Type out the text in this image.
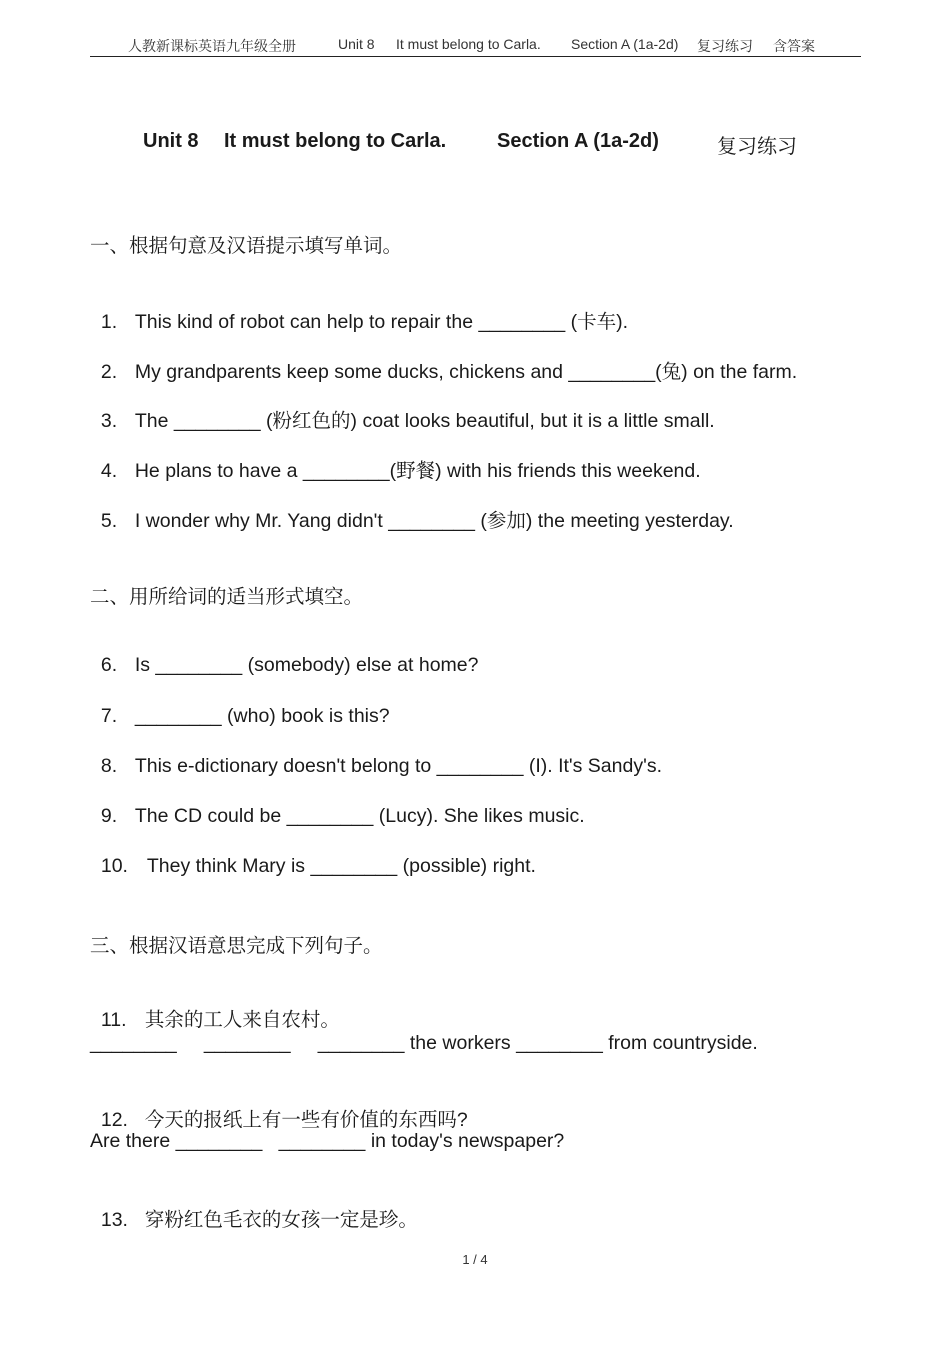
人教新课标英语九年级全册	Unit 8 It must belong to Carla. Section A (1a-2d) 复习练习 含答案
Unit 8 It must belong to Carla.	Section A (1a-2d)	复习练习
一、根据句意及汉语提示填写单词。

1. This kind of robot can help to repair the ________ (卡车).

2. My grandparents keep some ducks, chickens and ________(兔) on the farm.

3. The ________ (粉红色的) coat looks beautiful, but it is a little small.

4. He plans to have a ________(野餐) with his friends this weekend.

5. I wonder why Mr. Yang didn't ________ (参加) the meeting yesterday.

二、用所给词的适当形式填空。

6. Is ________ (somebody) else at home?

7. ________ (who) book is this?

8. This e-dictionary doesn't belong to ________ (I). It's Sandy's.

9. The CD could be ________ (Lucy). She likes music.

10. They think Mary is ________ (possible) right.

三、根据汉语意思完成下列句子。

11. 其余的工人来自农村。

________     ________     ________ the workers ________ from countryside.

12. 今天的报纸上有一些有价值的东西吗?

Are there ________   ________ in today's newspaper?

13. 穿粉红色毛衣的女孩一定是珍。

1 / 4
